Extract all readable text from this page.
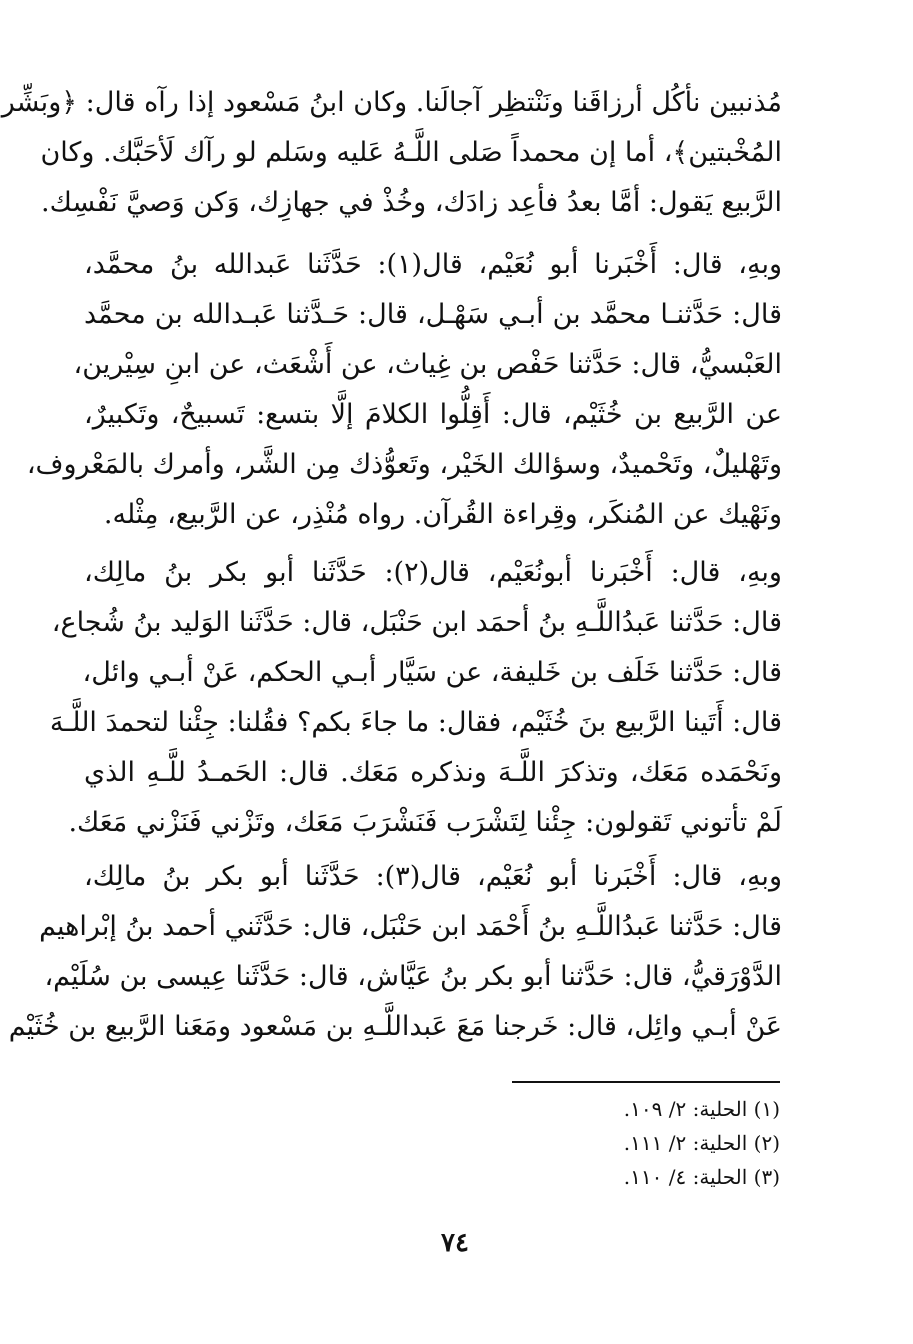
مُذنبين نأكُل أرزاقَنا ونَنْتظِر آجالَنا. وكان ابنُ مَسْعود إذا رآه قال: ﴿وبَشِّر
المُخْبتين﴾، أما إن محمداً صَلى اللَّـهُ عَليه وسَلم لو رآك لَأحَبَّك. وكان
الرَّبيع يَقول: أمَّا بعدُ فأعِد زادَك، وخُذْ في جهازِك، وَكن وَصيَّ نَفْسِك.
وبهِ، قال: أَخْبَرنا أبو نُعَيْم، قال(١): حَدَّثَنا عَبدالله بنُ محمَّد،
قال: حَدَّثنـا محمَّد بن أبـي سَهْـل، قال: حَـدَّثنا عَبـدالله بن محمَّد
العَبْسيُّ، قال: حَدَّثنا حَفْص بن غِياث، عن أَشْعَث، عن ابنِ سِيْرين،
عن الرَّبيع بن خُثَيْم، قال: أَقِلُّوا الكلامَ إلَّا بتسع: تَسبيحٌ، وتَكبيرٌ،
وتَهْليلٌ، وتَحْميدٌ، وسؤالك الخَيْر، وتَعوُّذك مِن الشَّر، وأمرك بالمَعْروف،
ونَهْيك عن المُنكَر، وقِراءة القُرآن. رواه مُنْذِر، عن الرَّبيع، مِثْله.
وبهِ، قال: أَخْبَرنا أبونُعَيْم، قال(٢): حَدَّثَنا أبو بكر بنُ مالِك،
قال: حَدَّثنا عَبدُاللَّـهِ بنُ أحمَد ابن حَنْبَل، قال: حَدَّثَنا الوَليد بنُ شُجاع،
قال: حَدَّثنا خَلَف بن خَليفة، عن سَيَّار أبـي الحكم، عَنْ أبـي وائل،
قال: أَتَينا الرَّبيع بنَ خُثَيْم، فقال: ما جاءَ بكم؟ فقُلنا: جِئْنا لتحمدَ اللَّـهَ
ونَحْمَده مَعَك، وتذكرَ اللَّـهَ ونذكره مَعَك. قال: الحَمـدُ للَّـهِ الذي
لَمْ تأتوني تَقولون: جِئْنا لِتَشْرَب فَنَشْرَبَ مَعَك، وتَزْني فَنَزْني مَعَك.
وبهِ، قال: أَخْبَرنا أبو نُعَيْم، قال(٣): حَدَّثَنا أبو بكر بنُ مالِك،
قال: حَدَّثنا عَبدُاللَّـهِ بنُ أَحْمَد ابن حَنْبَل، قال: حَدَّثَني أحمد بنُ إبْراهيم
الدَّوْرَقيُّ، قال: حَدَّثنا أبو بكر بنُ عَيَّاش، قال: حَدَّثَنا عِيسى بن سُلَيْم،
عَنْ أبـي وائِل، قال: خَرجنا مَعَ عَبداللَّـهِ بن مَسْعود ومَعَنا الرَّبيع بن خُثَيْم
(١) الحلية: ٢/ ١٠٩.
(٢) الحلية: ٢/ ١١١.
(٣) الحلية: ٤/ ١١٠.
٧٤
